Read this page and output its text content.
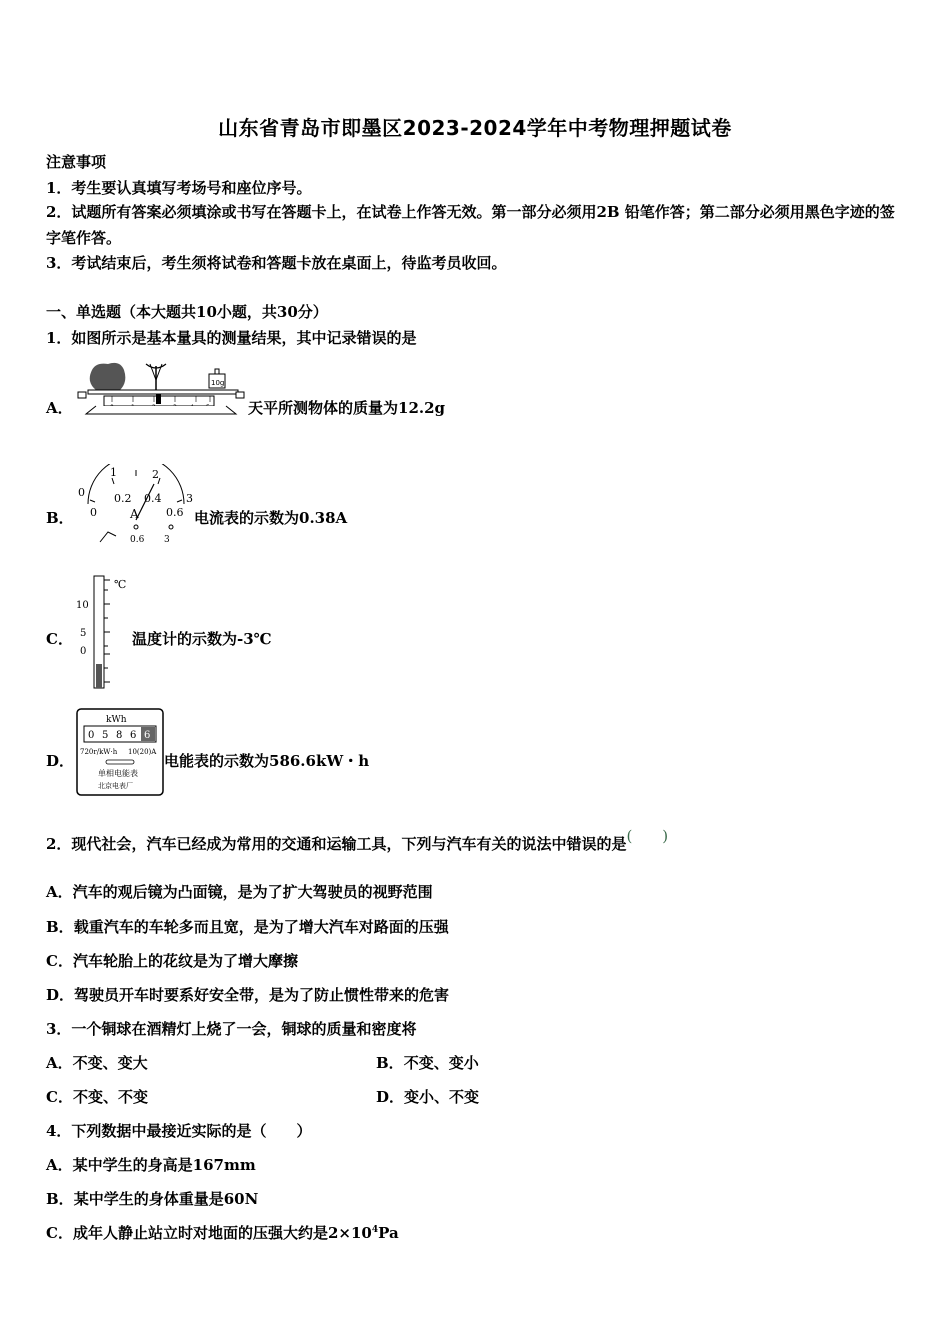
山东省青岛市即墨区2023-2024学年中考物理押题试卷
注意事项
1．考生要认真填写考场号和座位序号。
2．试题所有答案必须填涂或书写在答题卡上，在试卷上作答无效。第一部分必须用2B 铅笔作答；第二部分必须用黑色字迹的签字笔作答。
3．考试结束后，考生须将试卷和答题卡放在桌面上，待监考员收回。
一、单选题（本大题共10小题，共30分）
1．如图所示是基本量具的测量结果，其中记录错误的是
A．
10g
天平所测物体的质量为12.2g
B．
0
1	2
3
0
0.2 0.4
0.6
A
0.6 3
电流表的示数为0.38A
C．
℃
10
5
0
温度计的示数为-3℃
D．
kWh
0 5 8 6 6
720r/kW·h 10(20)A
单相电能表
北京电表厂
电能表的示数为586.6kW・h
2．现代社会，汽车已经成为常用的交通和运输工具，下列与汽车有关的说法中错误的是(　　)
A．汽车的观后镜为凸面镜，是为了扩大驾驶员的视野范围
B．载重汽车的车轮多而且宽，是为了增大汽车对路面的压强
C．汽车轮胎上的花纹是为了增大摩擦
D．驾驶员开车时要系好安全带，是为了防止惯性带来的危害
3．一个铜球在酒精灯上烧了一会，铜球的质量和密度将
A．不变、变大	B．不变、变小
C．不变、不变	D．变小、不变
4．下列数据中最接近实际的是（　　）
A．某中学生的身高是167mm
B．某中学生的身体重量是60N
C．成年人静止站立时对地面的压强大约是$2\times 10^4Pa$
